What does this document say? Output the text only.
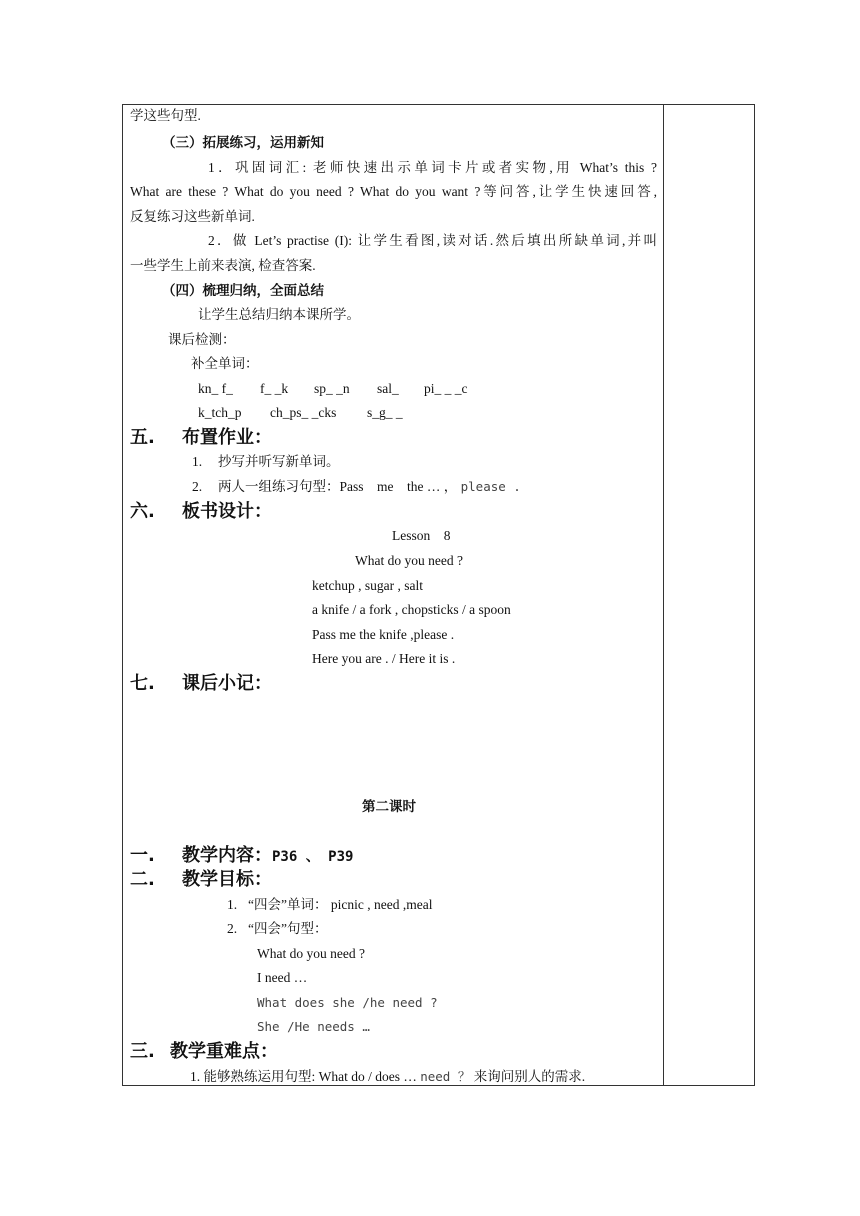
学这些句型.
（三）拓展练习，运用新知
1．巩固词汇: 老师快速出示单词卡片或者实物,用 What’s this ?
What are these ? What do you need ? What do you want ?等问答,让学生快速回答,
反复练习这些新单词.
2．做 Let’s practise (I): 让学生看图,读对话.然后填出所缺单词,并叫
一些学生上前来表演, 检查答案.
（四）梳理归纳，全面总结
让学生总结归纳本课所学。
课后检测：
补全单词：
kn_ f_ f_ _k sp_ _n sal_ pi_ _ _c
k_tch_p ch_ps_ _cks s_g_ _
五. 布置作业：
1. 抄写并听写新单词。
2. 两人一组练习句型：Pass　me　the … ， please .
六. 板书设计：
Lesson　8
What do you need ?
ketchup , sugar , salt
a knife / a fork , chopsticks / a spoon
Pass me the knife ,please .
Here you are . / Here it is .
七. 课后小记：
第二课时
一. 教学内容：P36 、 P39
二. 教学目标：
1. “四会”单词： picnic , need ,meal
2. “四会”句型：
What do you need ?
I need …
What does she /he need ?
She /He needs …
三. 教学重难点：
1. 能够熟练运用句型: What do / does … need ？ 来询问别人的需求.
